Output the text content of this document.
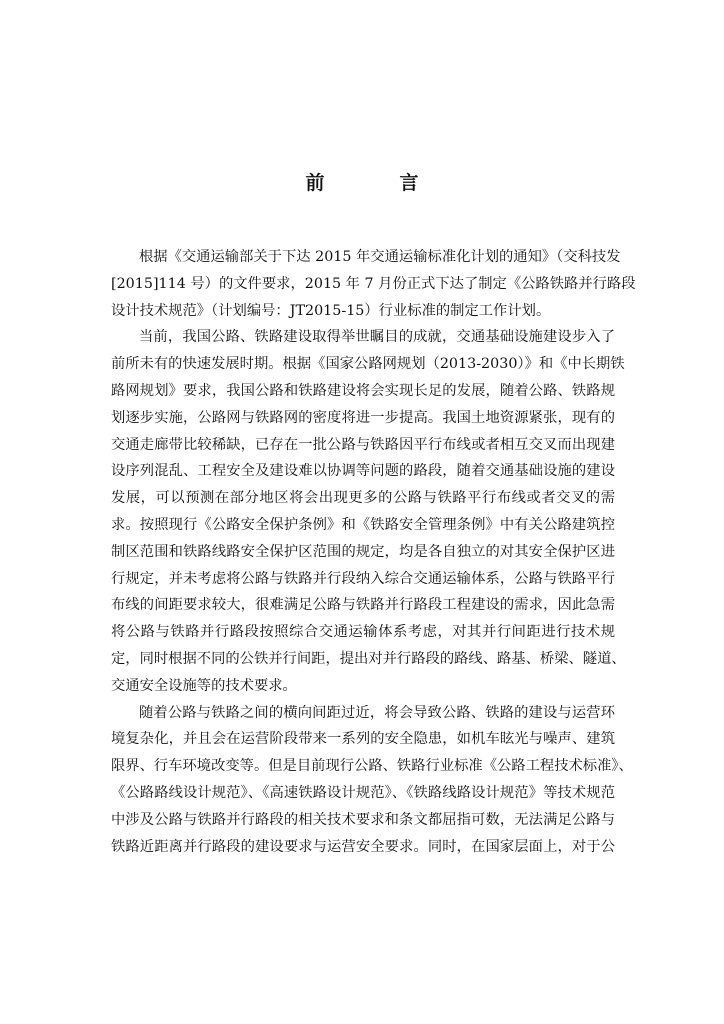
前　言
根据《交通运输部关于下达 2015 年交通运输标准化计划的通知》（交科技发
[2015]114 号）的文件要求，2015 年 7 月份正式下达了制定《公路铁路并行路段
设计技术规范》（计划编号：JT2015-15）行业标准的制定工作计划。
当前，我国公路、铁路建设取得举世瞩目的成就，交通基础设施建设步入了
前所未有的快速发展时期。根据《国家公路网规划（2013-2030）》和《中长期铁
路网规划》要求，我国公路和铁路建设将会实现长足的发展，随着公路、铁路规
划逐步实施，公路网与铁路网的密度将进一步提高。我国土地资源紧张，现有的
交通走廊带比较稀缺，已存在一批公路与铁路因平行布线或者相互交叉而出现建
设序列混乱、工程安全及建设难以协调等问题的路段，随着交通基础设施的建设
发展，可以预测在部分地区将会出现更多的公路与铁路平行布线或者交叉的需
求。按照现行《公路安全保护条例》和《铁路安全管理条例》中有关公路建筑控
制区范围和铁路线路安全保护区范围的规定，均是各自独立的对其安全保护区进
行规定，并未考虑将公路与铁路并行段纳入综合交通运输体系，公路与铁路平行
布线的间距要求较大，很难满足公路与铁路并行路段工程建设的需求，因此急需
将公路与铁路并行路段按照综合交通运输体系考虑，对其并行间距进行技术规
定，同时根据不同的公铁并行间距，提出对并行路段的路线、路基、桥梁、隧道、
交通安全设施等的技术要求。
随着公路与铁路之间的横向间距过近，将会导致公路、铁路的建设与运营环
境复杂化，并且会在运营阶段带来一系列的安全隐患，如机车眩光与噪声、建筑
限界、行车环境改变等。但是目前现行公路、铁路行业标准《公路工程技术标准》、
《公路路线设计规范》、《高速铁路设计规范》、《铁路线路设计规范》等技术规范
中涉及公路与铁路并行路段的相关技术要求和条文都屈指可数，无法满足公路与
铁路近距离并行路段的建设要求与运营安全要求。同时，在国家层面上，对于公
